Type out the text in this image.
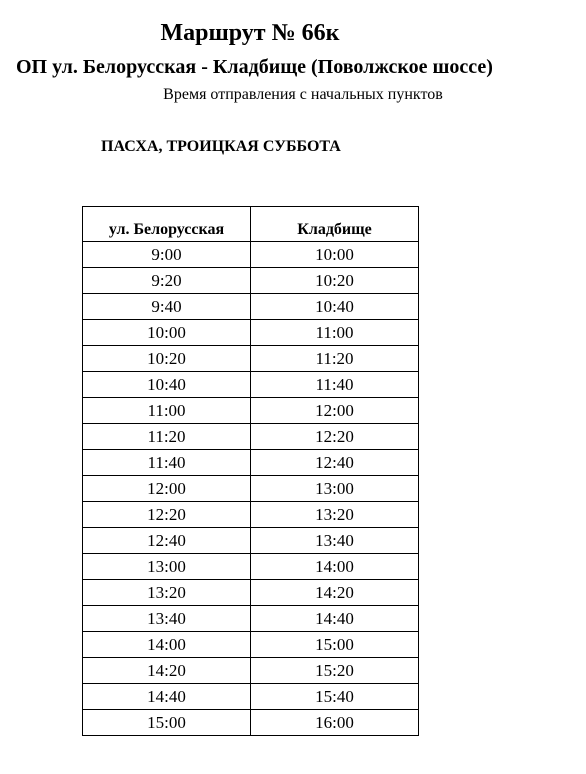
Маршрут № 66к
ОП ул. Белорусская - Кладбище (Поволжское шоссе)
Время отправления с начальных пунктов
ПАСХА, ТРОИЦКАЯ СУББОТА
ул. Белорусская	Кладбище
9:00	10:00
9:20	10:20
9:40	10:40
10:00	11:00
10:20	11:20
10:40	11:40
11:00	12:00
11:20	12:20
11:40	12:40
12:00	13:00
12:20	13:20
12:40	13:40
13:00	14:00
13:20	14:20
13:40	14:40
14:00	15:00
14:20	15:20
14:40	15:40
15:00	16:00
